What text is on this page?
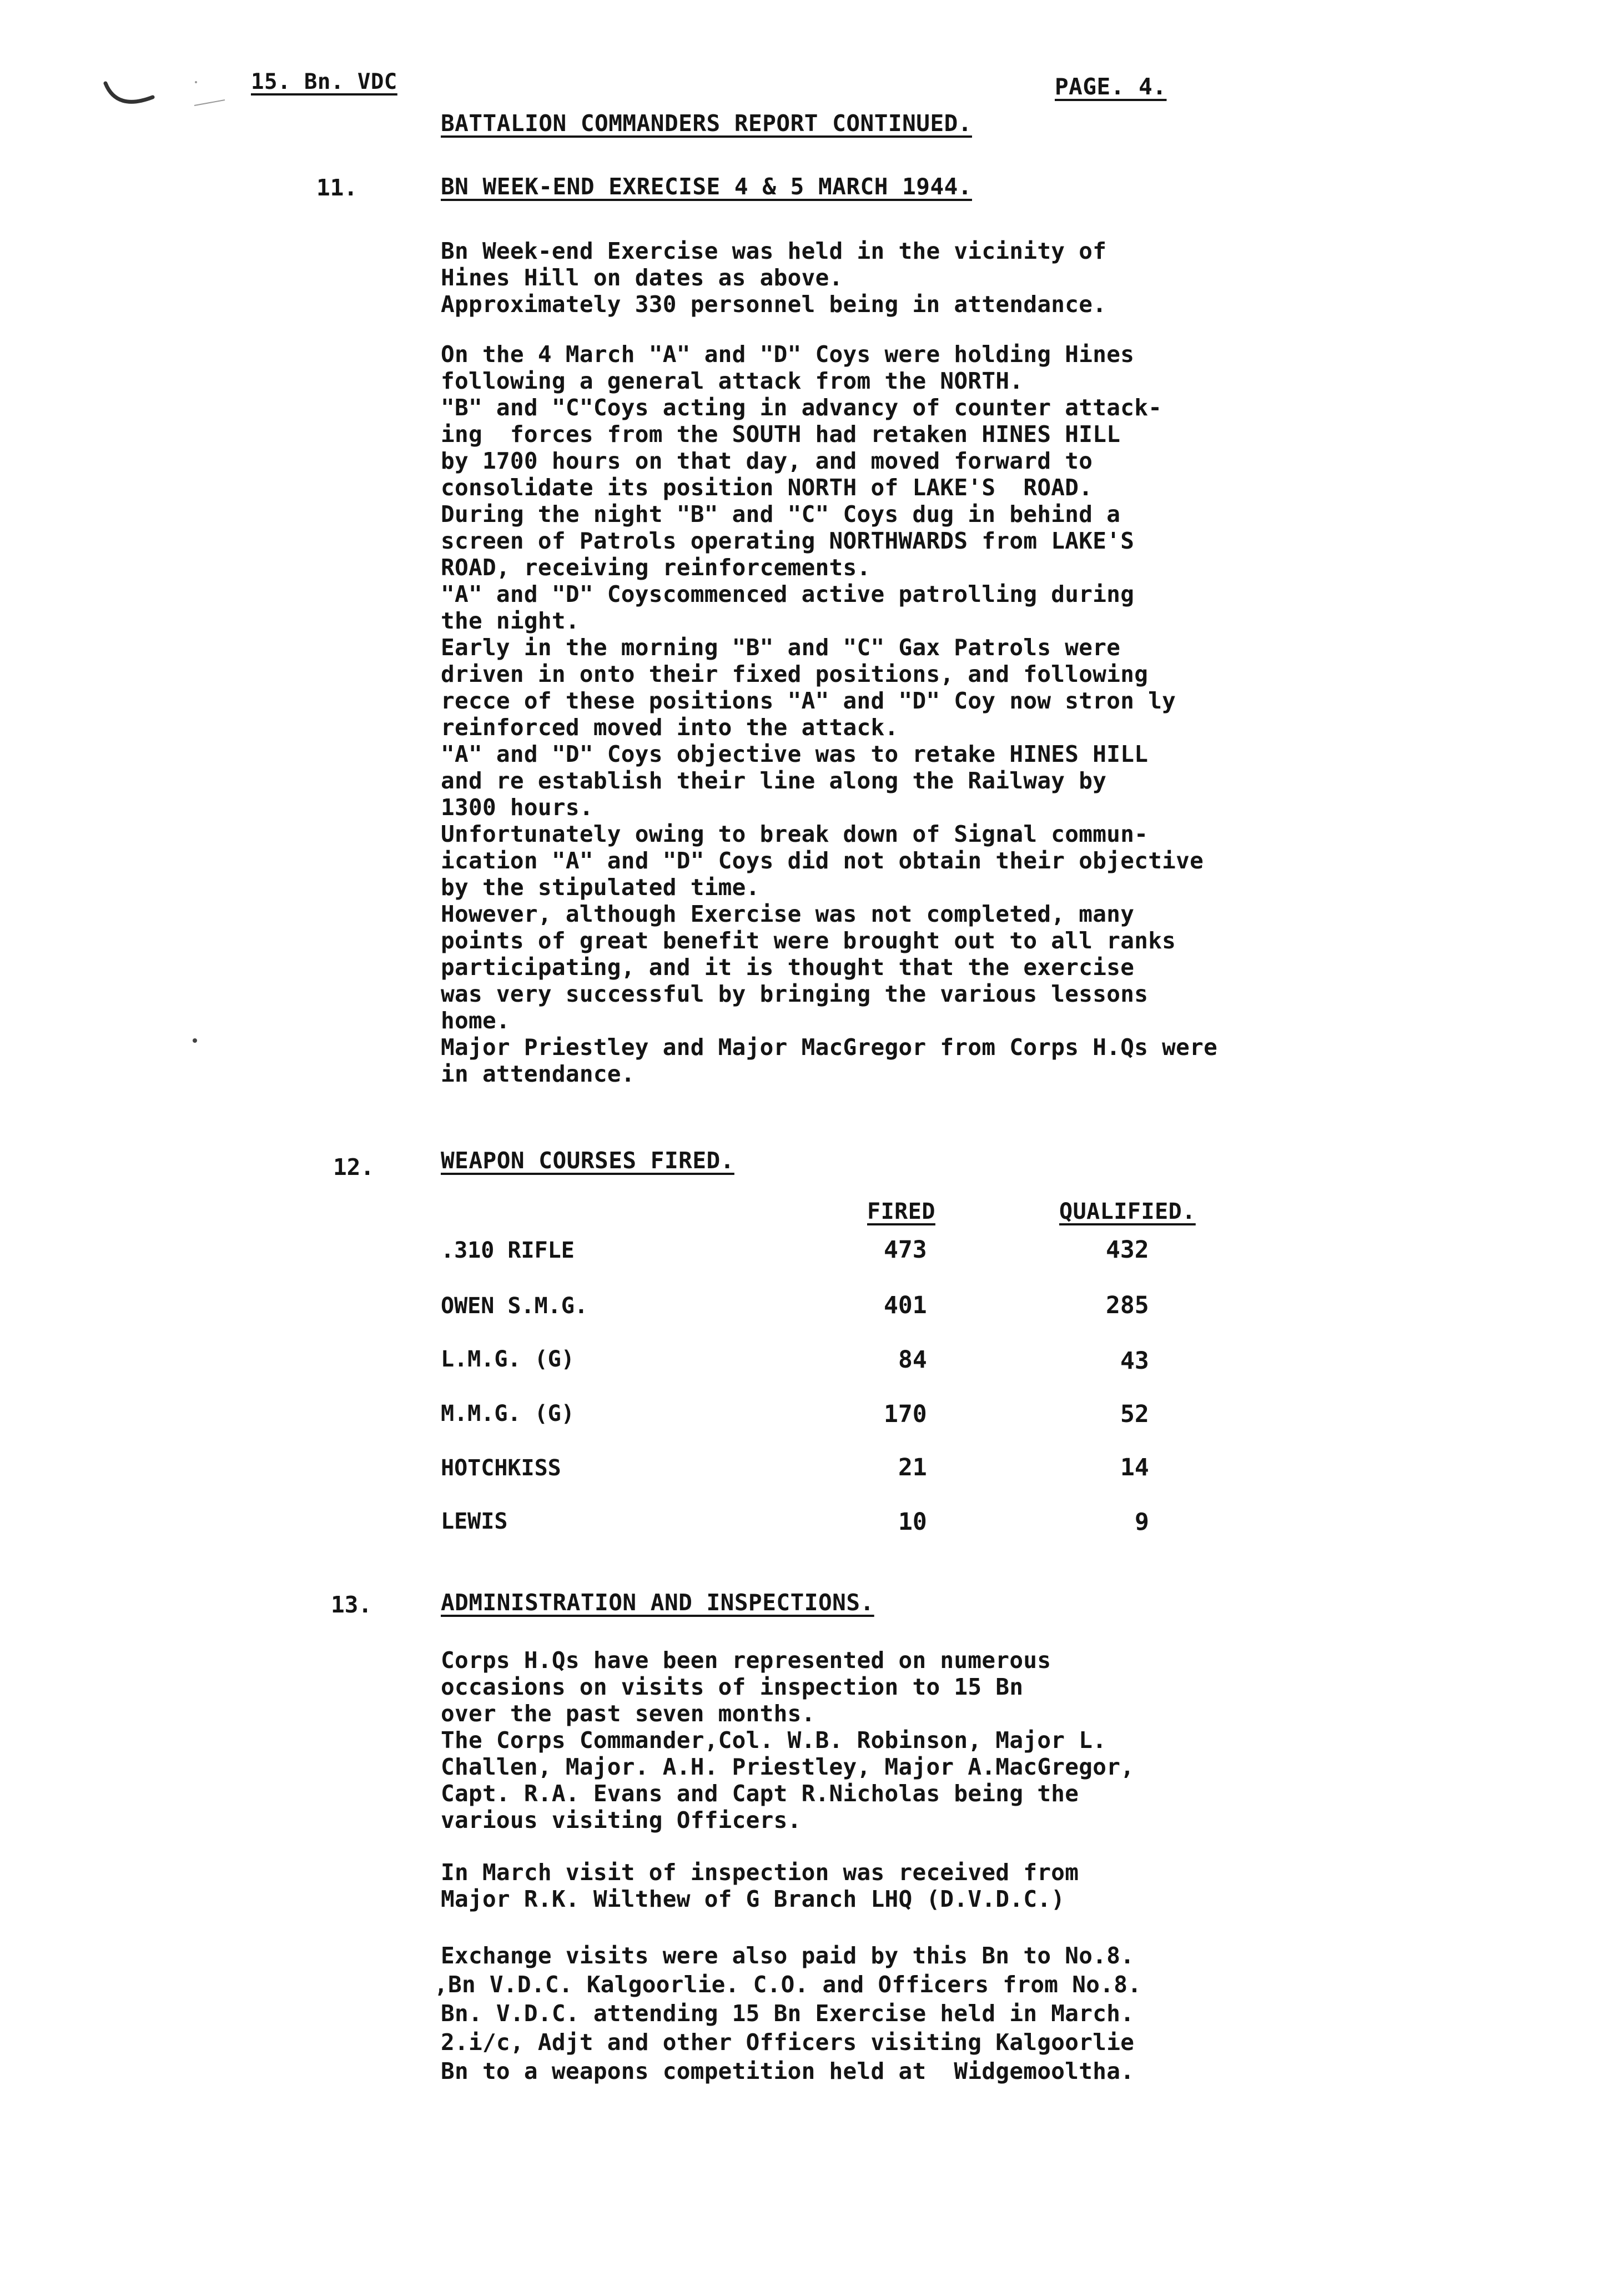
15. Bn. VDC	PAGE. 4.
BATTALION COMMANDERS REPORT CONTINUED.
11.	BN WEEK-END EXRECISE 4 & 5 MARCH 1944.
Bn Week-end Exercise was held in the vicinity of
Hines Hill on dates as above.
Approximately 330 personnel being in attendance.
On the 4 March "A" and "D" Coys were holding Hines
following a general attack from the NORTH.
"B" and "C"Coys acting in advancy of counter attack-
ing  forces from the SOUTH had retaken HINES HILL
by 1700 hours on that day, and moved forward to
consolidate its position NORTH of LAKE'S  ROAD.
During the night "B" and "C" Coys dug in behind a
screen of Patrols operating NORTHWARDS from LAKE'S
ROAD, receiving reinforcements.
"A" and "D" Coyscommenced active patrolling during
the night.
Early in the morning "B" and "C" Gax Patrols were
driven in onto their fixed positions, and following
recce of these positions "A" and "D" Coy now stron ly
reinforced moved into the attack.
"A" and "D" Coys objective was to retake HINES HILL
and re establish their line along the Railway by
1300 hours.
Unfortunately owing to break down of Signal commun-
ication "A" and "D" Coys did not obtain their objective
by the stipulated time.
However, although Exercise was not completed, many
points of great benefit were brought out to all ranks
participating, and it is thought that the exercise
was very successful by bringing the various lessons
home.
Major Priestley and Major MacGregor from Corps H.Qs were
in attendance.
12.	WEAPON COURSES FIRED.
FIRED	QUALIFIED.
.310 RIFLE	473	432
OWEN S.M.G.	401	285
L.M.G. (G)	84	43
M.M.G. (G)	170	52
HOTCHKISS	21	14
LEWIS	10	9
13.	ADMINISTRATION AND INSPECTIONS.
Corps H.Qs have been represented on numerous
occasions on visits of inspection to 15 Bn
over the past seven months.
The Corps Commander,Col. W.B. Robinson, Major L.
Challen, Major. A.H. Priestley, Major A.MacGregor,
Capt. R.A. Evans and Capt R.Nicholas being the
various visiting Officers.
In March visit of inspection was received from
Major R.K. Wilthew of G Branch LHQ (D.V.D.C.)
Exchange visits were also paid by this Bn to No.8.
,Bn V.D.C. Kalgoorlie. C.O. and Officers from No.8.
Bn. V.D.C. attending 15 Bn Exercise held in March.
2.i/c, Adjt and other Officers visiting Kalgoorlie
Bn to a weapons competition held at  Widgemooltha.
